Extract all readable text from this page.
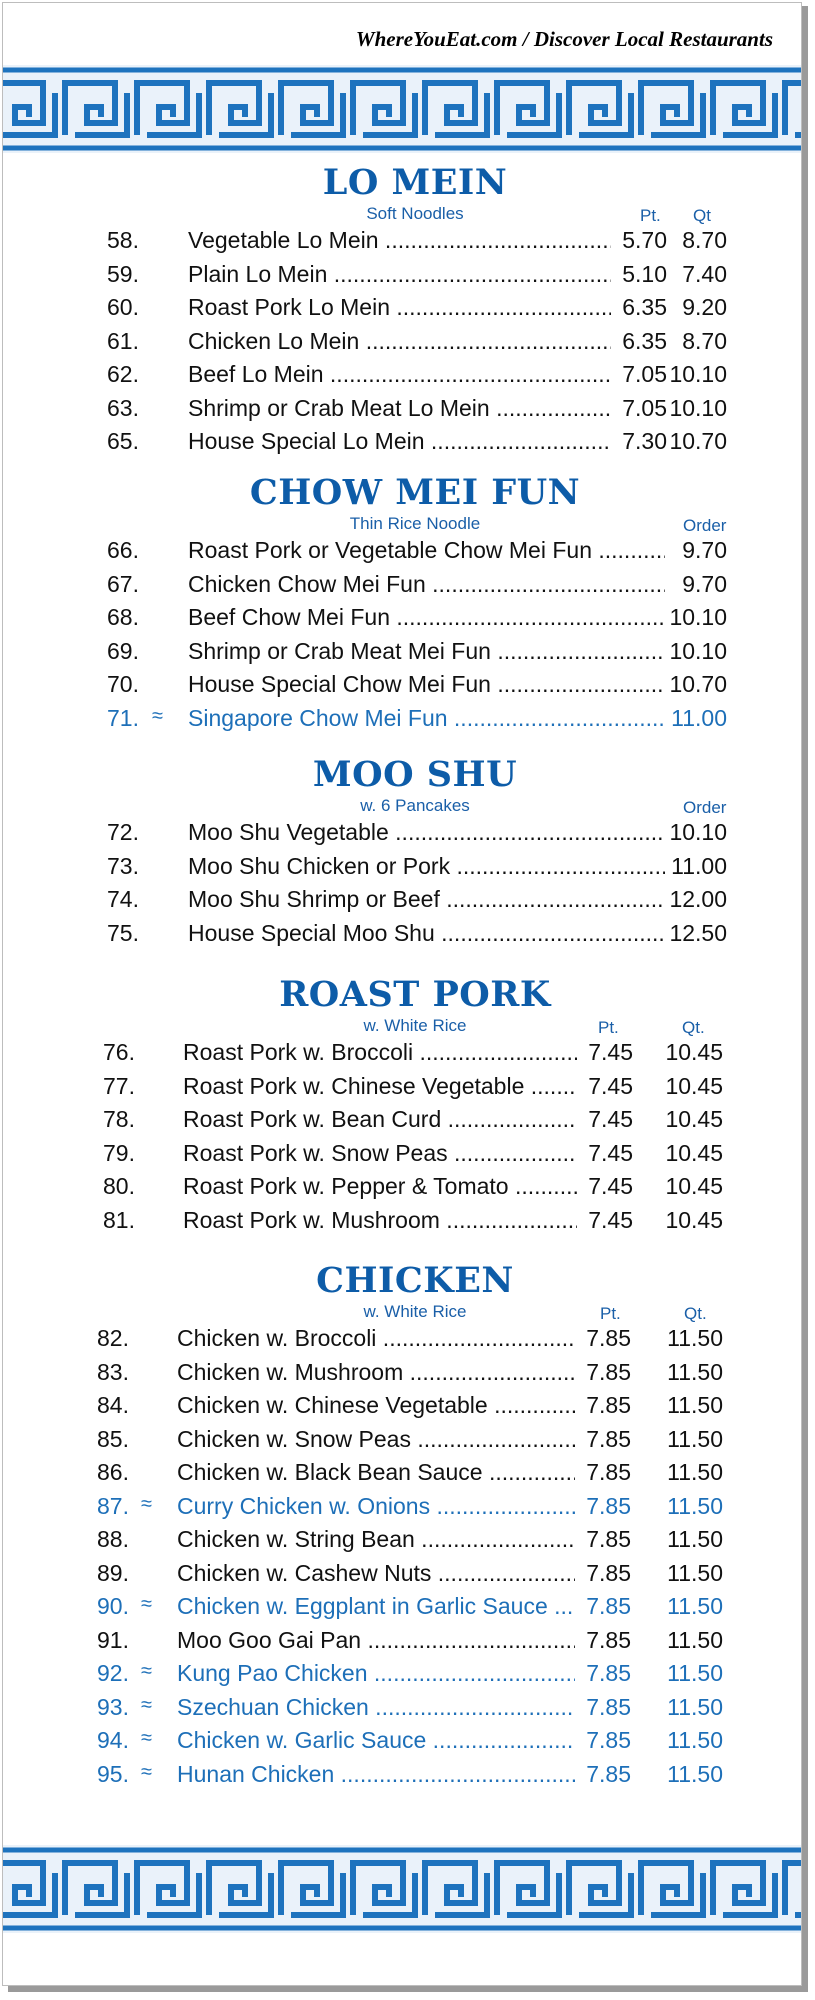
WhereYouEat.com / Discover Local Restaurants
LO MEIN
Soft Noodles	Pt. Qt
58. Vegetable Lo Mein .....	5.70 8.70
59. Plain Lo Mein .....	5.10 7.40
60. Roast Pork Lo Mein .....	6.35 9.20
61. Chicken Lo Mein .....	6.35 8.70
62. Beef Lo Mein .....	7.05 10.10
63. Shrimp or Crab Meat Lo Mein .....	7.05 10.10
65. House Special Lo Mein .....	7.30 10.70
CHOW MEI FUN
Thin Rice Noodle	Order
66. Roast Pork or Vegetable Chow Mei Fun .....	9.70
67. Chicken Chow Mei Fun .....	9.70
68. Beef Chow Mei Fun .....	10.10
69. Shrimp or Crab Meat Mei Fun .....	10.10
70. House Special Chow Mei Fun .....	10.70
71. ≈ Singapore Chow Mei Fun .....	11.00
MOO SHU
w. 6 Pancakes	Order
72. Moo Shu Vegetable .....	10.10
73. Moo Shu Chicken or Pork .....	11.00
74. Moo Shu Shrimp or Beef .....	12.00
75. House Special Moo Shu .....	12.50
ROAST PORK
w. White Rice	Pt.	Qt.
76. Roast Pork w. Broccoli .....	7.45 10.45
77. Roast Pork w. Chinese Vegetable .....	7.45 10.45
78. Roast Pork w. Bean Curd .....	7.45 10.45
79. Roast Pork w. Snow Peas .....	7.45 10.45
80. Roast Pork w. Pepper & Tomato .....	7.45 10.45
81. Roast Pork w. Mushroom .....	7.45 10.45
CHICKEN
w. White Rice	Pt.	Qt.
82. Chicken w. Broccoli .....	7.85 11.50
83. Chicken w. Mushroom .....	7.85 11.50
84. Chicken w. Chinese Vegetable .....	7.85 11.50
85. Chicken w. Snow Peas .....	7.85 11.50
86. Chicken w. Black Bean Sauce .....	7.85 11.50
87. ≈ Curry Chicken w. Onions .....	7.85 11.50
88. Chicken w. String Bean .....	7.85 11.50
89. Chicken w. Cashew Nuts .....	7.85 11.50
90. ≈ Chicken w. Eggplant in Garlic Sauce .....	7.85 11.50
91. Moo Goo Gai Pan .....	7.85 11.50
92. ≈ Kung Pao Chicken .....	7.85 11.50
93. ≈ Szechuan Chicken .....	7.85 11.50
94. ≈ Chicken w. Garlic Sauce .....	7.85 11.50
95. ≈ Hunan Chicken .....	7.85 11.50
